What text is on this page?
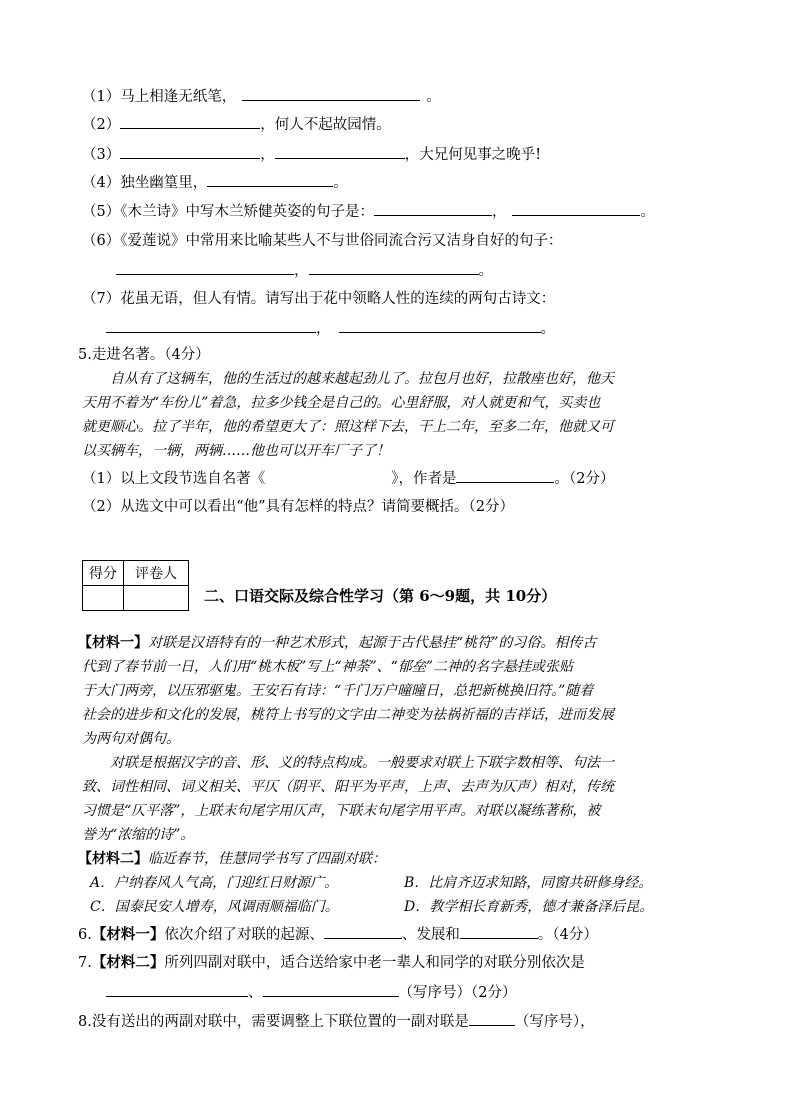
（1）马上相逢无纸笔，	。
（2）	，何人不起故园情。
（3）	，	，大兄何见事之晚乎!
（4）独坐幽篁里，	。
（5）《木兰诗》中写木兰矫健英姿的句子是：	，	。
（6）《爱莲说》中常用来比喻某些人不与世俗同流合污又洁身自好的句子：
，	。
（7）花虽无语，但人有情。请写出于花中领略人性的连续的两句古诗文：
，	。
5.走进名著。（4分）
自从有了这辆车，他的生活过的越来越起劲儿了。拉包月也好，拉散座也好，他天
天用不着为“车份儿”着急，拉多少钱全是自己的。心里舒服，对人就更和气，买卖也
就更顺心。拉了半年，他的希望更大了：照这样下去，干上二年，至多二年，他就又可
以买辆车，一辆，两辆……他也可以开车厂子了！
（1）以上文段节选自名著《	》，作者是	。（2分）
（2）从选文中可以看出“他”具有怎样的特点？请简要概括。（2分）
得分	评卷人

二、口语交际及综合性学习（第 6～9题，共 10分）
【材料一】对联是汉语特有的一种艺术形式，起源于古代悬挂“桃符”的习俗。相传古
代到了春节前一日，人们用“桃木板”写上“神荼”、“郁垒”二神的名字悬挂或张贴
于大门两旁，以压邪驱鬼。王安石有诗：“千门万户曈曈日，总把新桃换旧符。”随着
社会的进步和文化的发展，桃符上书写的文字由二神变为祛祸祈福的吉祥话，进而发展
为两句对偶句。
对联是根据汉字的音、形、义的特点构成。一般要求对联上下联字数相等、句法一
致、词性相同、词义相关、平仄（阴平、阳平为平声，上声、去声为仄声）相对，传统
习惯是“仄平落”，上联末句尾字用仄声，下联末句尾字用平声。对联以凝练著称，被
誉为“浓缩的诗”。
【材料二】临近春节，佳慧同学书写了四副对联：
A．户纳春风人气高，门迎红日财源广。	B．比肩齐迈求知路，同窗共研修身经。
C．国泰民安人增寿，风调雨顺福临门。	D．教学相长育新秀，德才兼备泽后昆。
6.【材料一】依次介绍了对联的起源、	、发展和	。（4分）
7.【材料二】所列四副对联中，适合送给家中老一辈人和同学的对联分别依次是
、	（写序号）（2分）
8.没有送出的两副对联中，需要调整上下联位置的一副对联是	（写序号），
